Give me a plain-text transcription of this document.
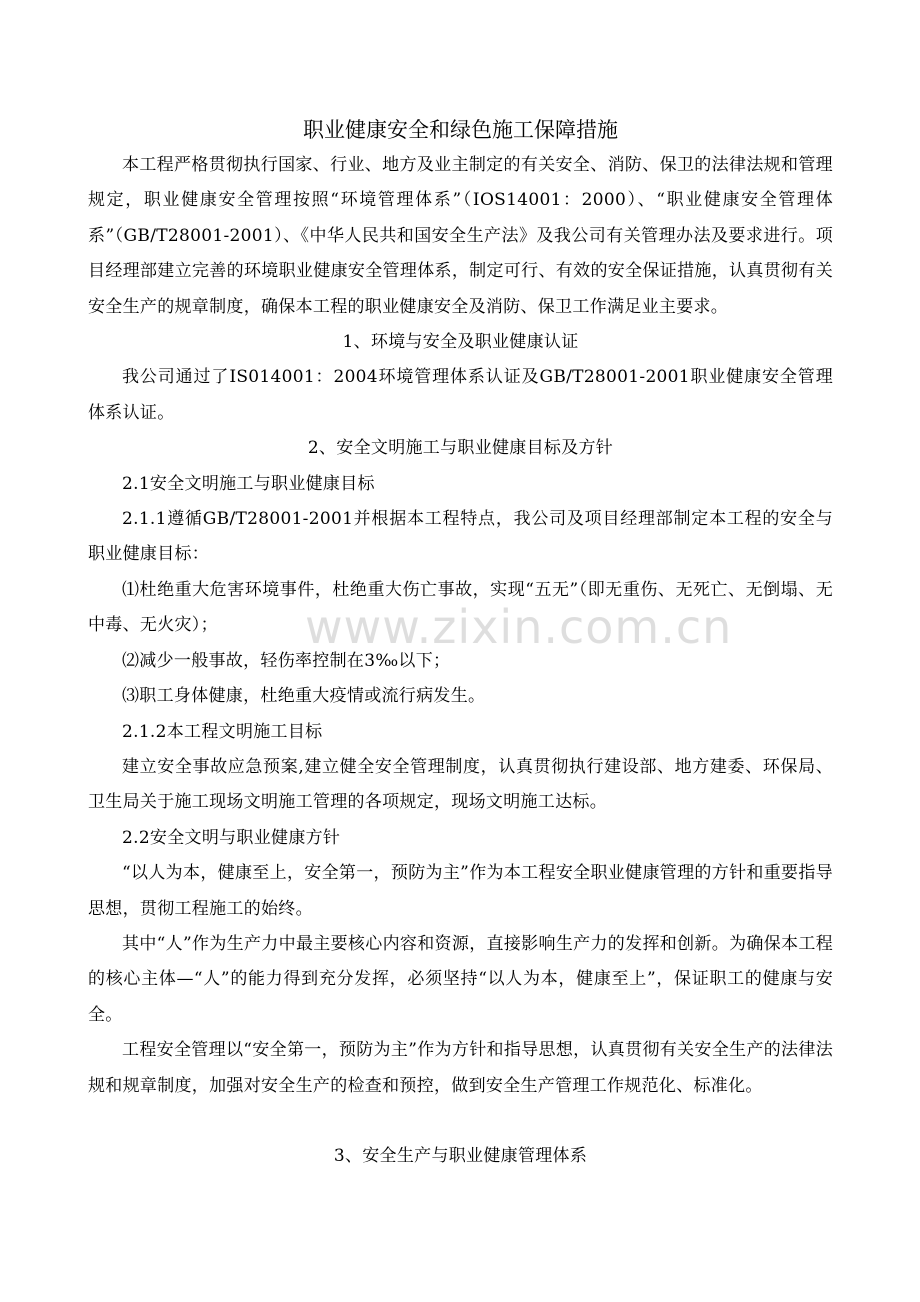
职业健康安全和绿色施工保障措施

本工程严格贯彻执行国家、行业、地方及业主制定的有关安全、消防、保卫的法律法规和管理规定，职业健康安全管理按照“环境管理体系”（IOS14001：2000）、“职业健康安全管理体系”（GB/T28001-2001）、《中华人民共和国安全生产法》及我公司有关管理办法及要求进行。项目经理部建立完善的环境职业健康安全管理体系，制定可行、有效的安全保证措施，认真贯彻有关安全生产的规章制度，确保本工程的职业健康安全及消防、保卫工作满足业主要求。

1、环境与安全及职业健康认证

我公司通过了IS014001：2004环境管理体系认证及GB/T28001-2001职业健康安全管理体系认证。

2、安全文明施工与职业健康目标及方针

2.1安全文明施工与职业健康目标

2.1.1遵循GB/T28001-2001并根据本工程特点，我公司及项目经理部制定本工程的安全与职业健康目标：

⑴杜绝重大危害环境事件，杜绝重大伤亡事故，实现“五无”（即无重伤、无死亡、无倒塌、无中毒、无火灾）；

⑵减少一般事故，轻伤率控制在3‰以下；

⑶职工身体健康，杜绝重大疫情或流行病发生。

2.1.2本工程文明施工目标

建立安全事故应急预案,建立健全安全管理制度，认真贯彻执行建设部、地方建委、环保局、卫生局关于施工现场文明施工管理的各项规定，现场文明施工达标。

2.2安全文明与职业健康方针

“以人为本，健康至上，安全第一，预防为主”作为本工程安全职业健康管理的方针和重要指导思想，贯彻工程施工的始终。

其中“人”作为生产力中最主要核心内容和资源，直接影响生产力的发挥和创新。为确保本工程的核心主体—“人”的能力得到充分发挥，必须坚持“以人为本，健康至上”，保证职工的健康与安全。

工程安全管理以“安全第一，预防为主”作为方针和指导思想，认真贯彻有关安全生产的法律法规和规章制度，加强对安全生产的检查和预控，做到安全生产管理工作规范化、标准化。

3、安全生产与职业健康管理体系

www.zixin.com.cn
